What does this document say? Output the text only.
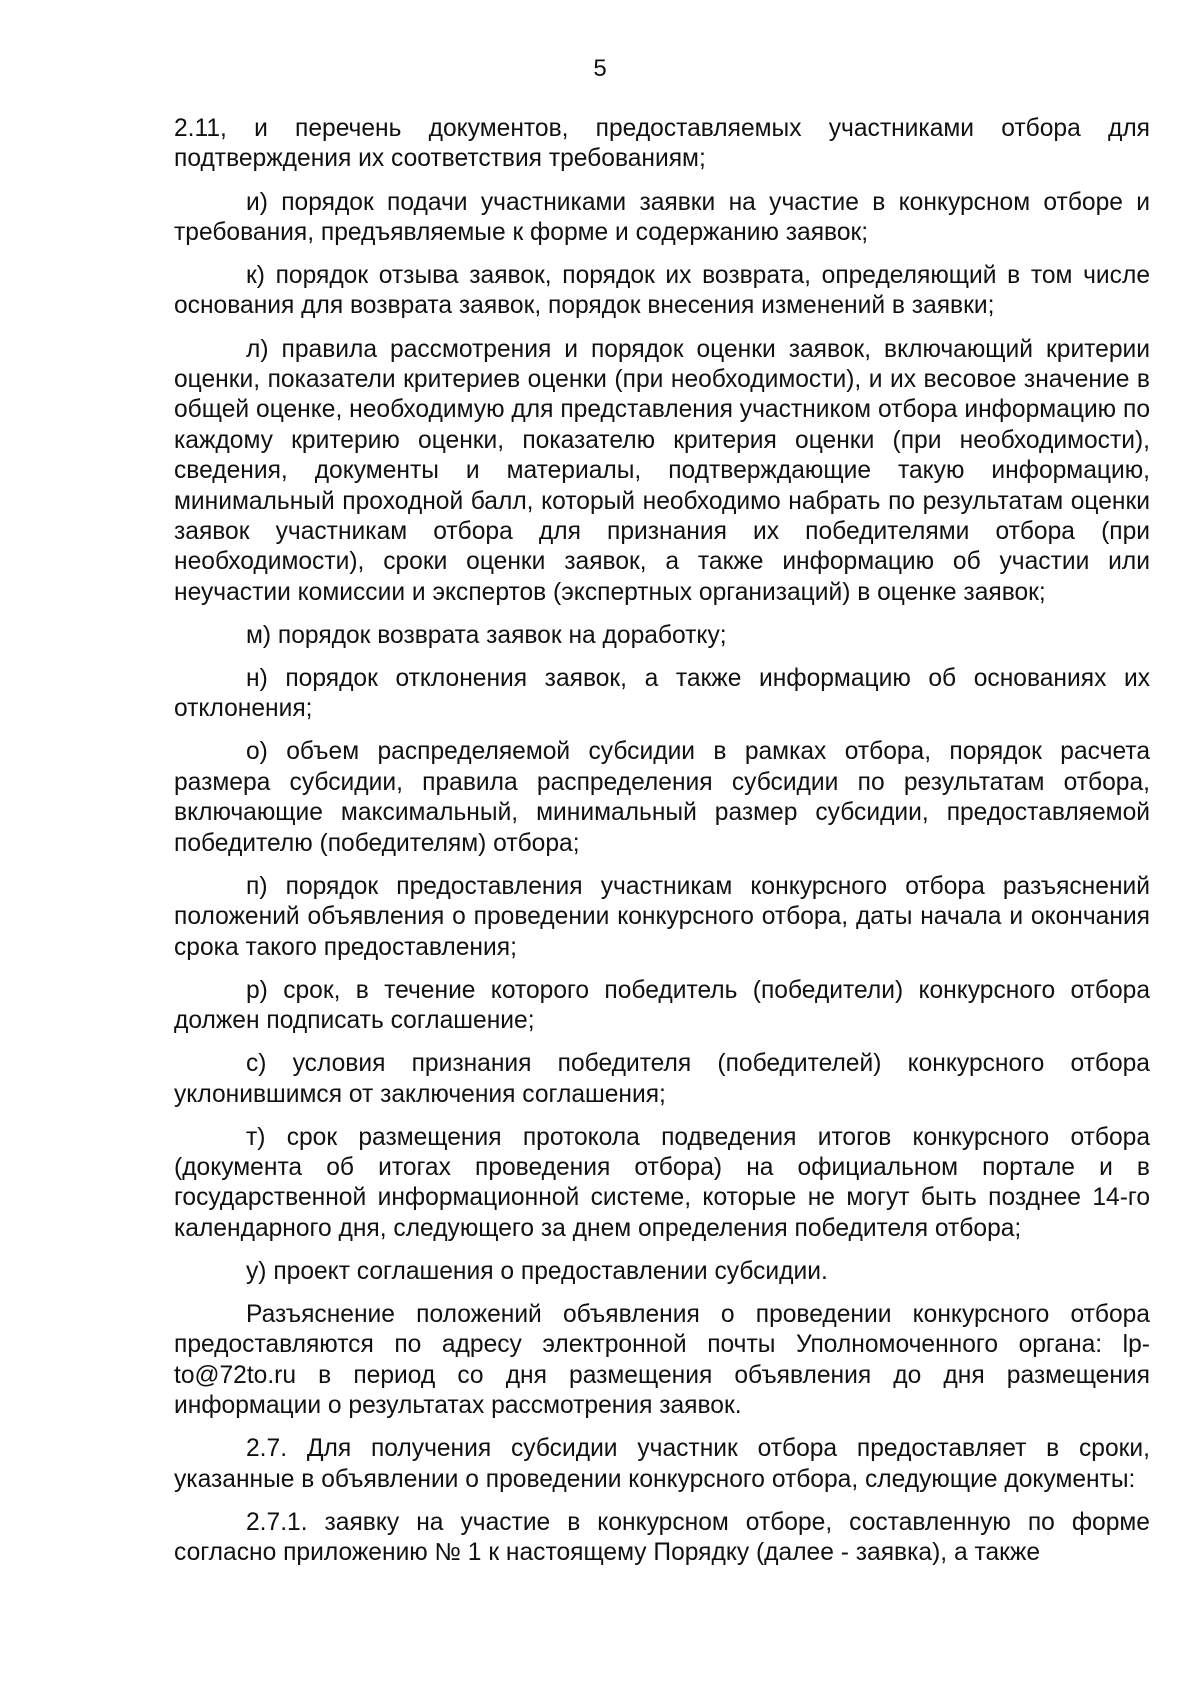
5

2.11, и перечень документов, предоставляемых участниками отбора для подтверждения их соответствия требованиям;

и) порядок подачи участниками заявки на участие в конкурсном отборе и требования, предъявляемые к форме и содержанию заявок;

к) порядок отзыва заявок, порядок их возврата, определяющий в том числе основания для возврата заявок, порядок внесения изменений в заявки;

л) правила рассмотрения и порядок оценки заявок, включающий критерии оценки, показатели критериев оценки (при необходимости), и их весовое значение в общей оценке, необходимую для представления участником отбора информацию по каждому критерию оценки, показателю критерия оценки (при необходимости), сведения, документы и материалы, подтверждающие такую информацию, минимальный проходной балл, который необходимо набрать по результатам оценки заявок участникам отбора для признания их победителями отбора (при необходимости), сроки оценки заявок, а также информацию об участии или неучастии комиссии и экспертов (экспертных организаций) в оценке заявок;

м) порядок возврата заявок на доработку;

н) порядок отклонения заявок, а также информацию об основаниях их отклонения;

о) объем распределяемой субсидии в рамках отбора, порядок расчета размера субсидии, правила распределения субсидии по результатам отбора, включающие максимальный, минимальный размер субсидии, предоставляемой победителю (победителям) отбора;

п) порядок предоставления участникам конкурсного отбора разъяснений положений объявления о проведении конкурсного отбора, даты начала и окончания срока такого предоставления;

р) срок, в течение которого победитель (победители) конкурсного отбора должен подписать соглашение;

с) условия признания победителя (победителей) конкурсного отбора уклонившимся от заключения соглашения;

т) срок размещения протокола подведения итогов конкурсного отбора (документа об итогах проведения отбора) на официальном портале и в государственной информационной системе, которые не могут быть позднее 14-го календарного дня, следующего за днем определения победителя отбора;

у) проект соглашения о предоставлении субсидии.

Разъяснение положений объявления о проведении конкурсного отбора предоставляются по адресу электронной почты Уполномоченного органа: lp-to@72to.ru в период со дня размещения объявления до дня размещения информации о результатах рассмотрения заявок.

2.7. Для получения субсидии участник отбора предоставляет в сроки, указанные в объявлении о проведении конкурсного отбора, следующие документы:

2.7.1. заявку на участие в конкурсном отборе, составленную по форме согласно приложению № 1 к настоящему Порядку (далее - заявка), а также
